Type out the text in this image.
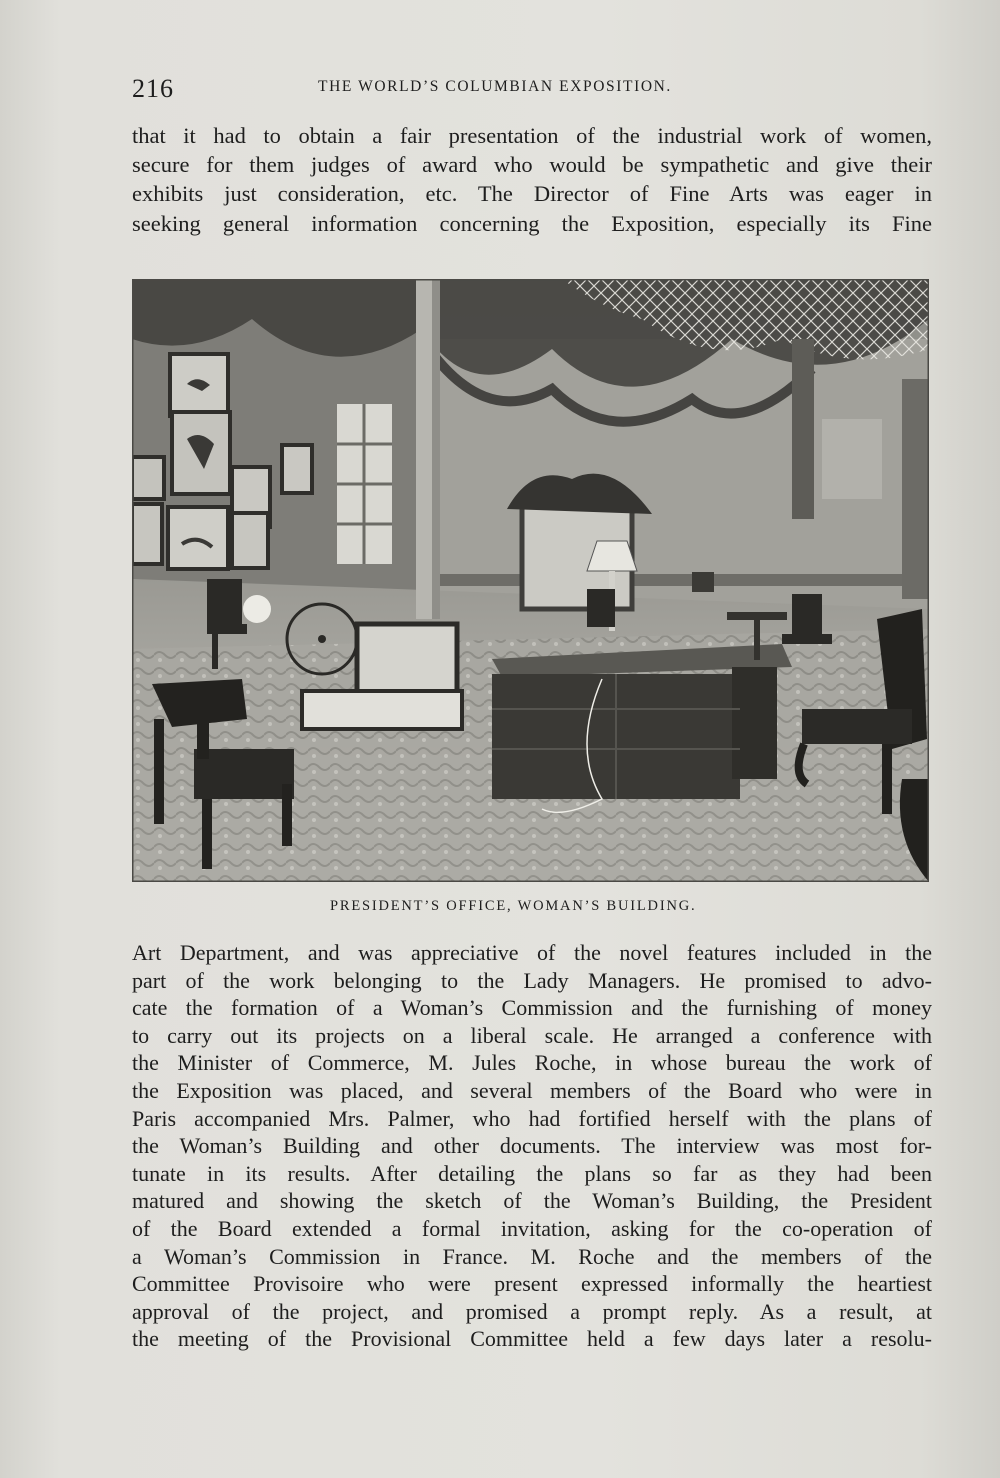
216	THE WORLD’S COLUMBIAN EXPOSITION.
that it had to obtain a fair presentation of the industrial work of women,
secure for them judges of award who would be sympathetic and give their
exhibits just consideration, etc. The Director of Fine Arts was eager in
seeking general information concerning the Exposition, especially its Fine
PRESIDENT’S OFFICE, WOMAN’S BUILDING.
Art Department, and was appreciative of the novel features included in the
part of the work belonging to the Lady Managers. He promised to advo-
cate the formation of a Woman’s Commission and the furnishing of money
to carry out its projects on a liberal scale. He arranged a conference with
the Minister of Commerce, M. Jules Roche, in whose bureau the work of
the Exposition was placed, and several members of the Board who were in
Paris accompanied Mrs. Palmer, who had fortified herself with the plans of
the Woman’s Building and other documents. The interview was most for-
tunate in its results. After detailing the plans so far as they had been
matured and showing the sketch of the Woman’s Building, the President
of the Board extended a formal invitation, asking for the co-operation of
a Woman’s Commission in France. M. Roche and the members of the
Committee Provisoire who were present expressed informally the heartiest
approval of the project, and promised a prompt reply. As a result, at
the meeting of the Provisional Committee held a few days later a resolu-
